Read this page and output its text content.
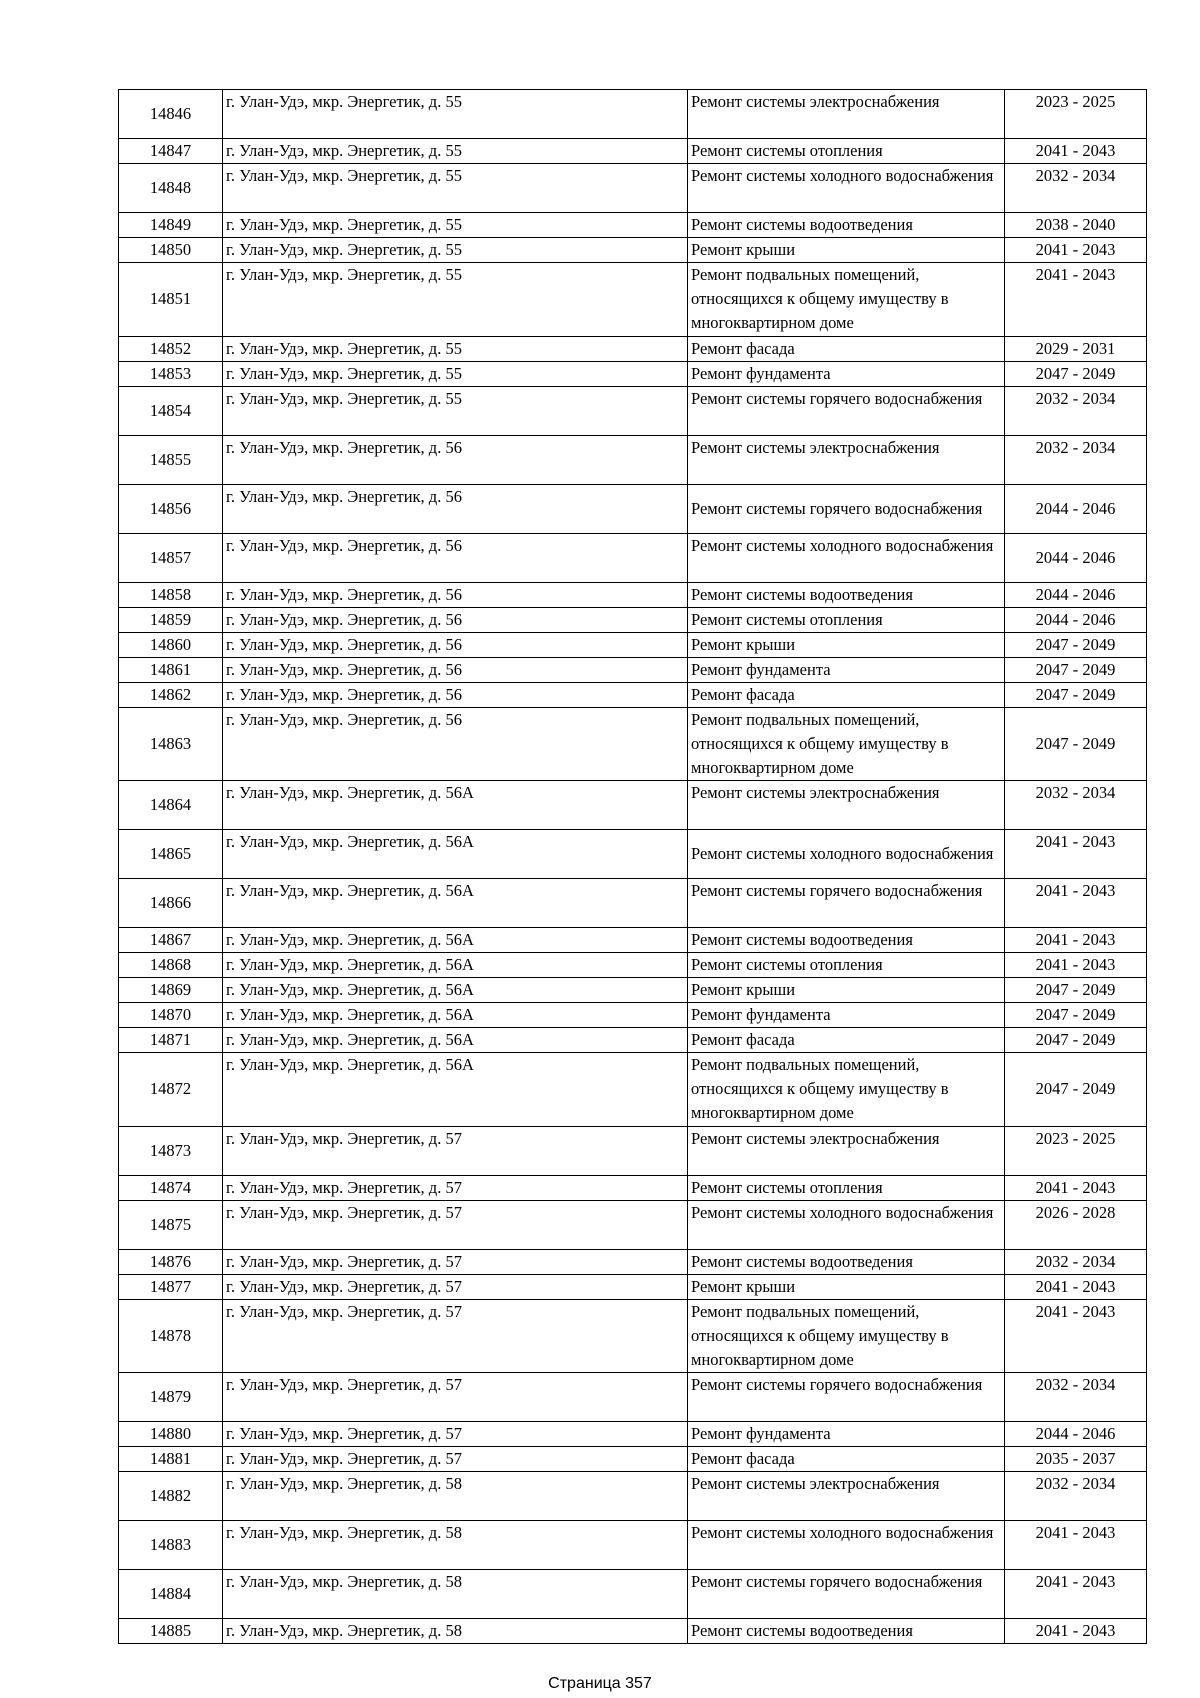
14846	г. Улан-Удэ, мкр. Энергетик, д. 55	Ремонт системы электроснабжения	2023 - 2025
14847	г. Улан-Удэ, мкр. Энергетик, д. 55	Ремонт системы отопления	2041 - 2043
14848	г. Улан-Удэ, мкр. Энергетик, д. 55	Ремонт системы холодного водоснабжения	2032 - 2034
14849	г. Улан-Удэ, мкр. Энергетик, д. 55	Ремонт системы водоотведения	2038 - 2040
14850	г. Улан-Удэ, мкр. Энергетик, д. 55	Ремонт крыши	2041 - 2043
14851	г. Улан-Удэ, мкр. Энергетик, д. 55	Ремонт подвальных помещений, относящихся к общему имуществу в многоквартирном доме	2041 - 2043
14852	г. Улан-Удэ, мкр. Энергетик, д. 55	Ремонт фасада	2029 - 2031
14853	г. Улан-Удэ, мкр. Энергетик, д. 55	Ремонт фундамента	2047 - 2049
14854	г. Улан-Удэ, мкр. Энергетик, д. 55	Ремонт системы горячего водоснабжения	2032 - 2034
14855	г. Улан-Удэ, мкр. Энергетик, д. 56	Ремонт системы электроснабжения	2032 - 2034
14856	г. Улан-Удэ, мкр. Энергетик, д. 56	Ремонт системы горячего водоснабжения	2044 - 2046
14857	г. Улан-Удэ, мкр. Энергетик, д. 56	Ремонт системы холодного водоснабжения	2044 - 2046
14858	г. Улан-Удэ, мкр. Энергетик, д. 56	Ремонт системы водоотведения	2044 - 2046
14859	г. Улан-Удэ, мкр. Энергетик, д. 56	Ремонт системы отопления	2044 - 2046
14860	г. Улан-Удэ, мкр. Энергетик, д. 56	Ремонт крыши	2047 - 2049
14861	г. Улан-Удэ, мкр. Энергетик, д. 56	Ремонт фундамента	2047 - 2049
14862	г. Улан-Удэ, мкр. Энергетик, д. 56	Ремонт фасада	2047 - 2049
14863	г. Улан-Удэ, мкр. Энергетик, д. 56	Ремонт подвальных помещений, относящихся к общему имуществу в многоквартирном доме	2047 - 2049
14864	г. Улан-Удэ, мкр. Энергетик, д. 56А	Ремонт системы электроснабжения	2032 - 2034
14865	г. Улан-Удэ, мкр. Энергетик, д. 56А	Ремонт системы холодного водоснабжения	2041 - 2043
14866	г. Улан-Удэ, мкр. Энергетик, д. 56А	Ремонт системы горячего водоснабжения	2041 - 2043
14867	г. Улан-Удэ, мкр. Энергетик, д. 56А	Ремонт системы водоотведения	2041 - 2043
14868	г. Улан-Удэ, мкр. Энергетик, д. 56А	Ремонт системы отопления	2041 - 2043
14869	г. Улан-Удэ, мкр. Энергетик, д. 56А	Ремонт крыши	2047 - 2049
14870	г. Улан-Удэ, мкр. Энергетик, д. 56А	Ремонт фундамента	2047 - 2049
14871	г. Улан-Удэ, мкр. Энергетик, д. 56А	Ремонт фасада	2047 - 2049
14872	г. Улан-Удэ, мкр. Энергетик, д. 56А	Ремонт подвальных помещений, относящихся к общему имуществу в многоквартирном доме	2047 - 2049
14873	г. Улан-Удэ, мкр. Энергетик, д. 57	Ремонт системы электроснабжения	2023 - 2025
14874	г. Улан-Удэ, мкр. Энергетик, д. 57	Ремонт системы отопления	2041 - 2043
14875	г. Улан-Удэ, мкр. Энергетик, д. 57	Ремонт системы холодного водоснабжения	2026 - 2028
14876	г. Улан-Удэ, мкр. Энергетик, д. 57	Ремонт системы водоотведения	2032 - 2034
14877	г. Улан-Удэ, мкр. Энергетик, д. 57	Ремонт крыши	2041 - 2043
14878	г. Улан-Удэ, мкр. Энергетик, д. 57	Ремонт подвальных помещений, относящихся к общему имуществу в многоквартирном доме	2041 - 2043
14879	г. Улан-Удэ, мкр. Энергетик, д. 57	Ремонт системы горячего водоснабжения	2032 - 2034
14880	г. Улан-Удэ, мкр. Энергетик, д. 57	Ремонт фундамента	2044 - 2046
14881	г. Улан-Удэ, мкр. Энергетик, д. 57	Ремонт фасада	2035 - 2037
14882	г. Улан-Удэ, мкр. Энергетик, д. 58	Ремонт системы электроснабжения	2032 - 2034
14883	г. Улан-Удэ, мкр. Энергетик, д. 58	Ремонт системы холодного водоснабжения	2041 - 2043
14884	г. Улан-Удэ, мкр. Энергетик, д. 58	Ремонт системы горячего водоснабжения	2041 - 2043
14885	г. Улан-Удэ, мкр. Энергетик, д. 58	Ремонт системы водоотведения	2041 - 2043
Страница 357
